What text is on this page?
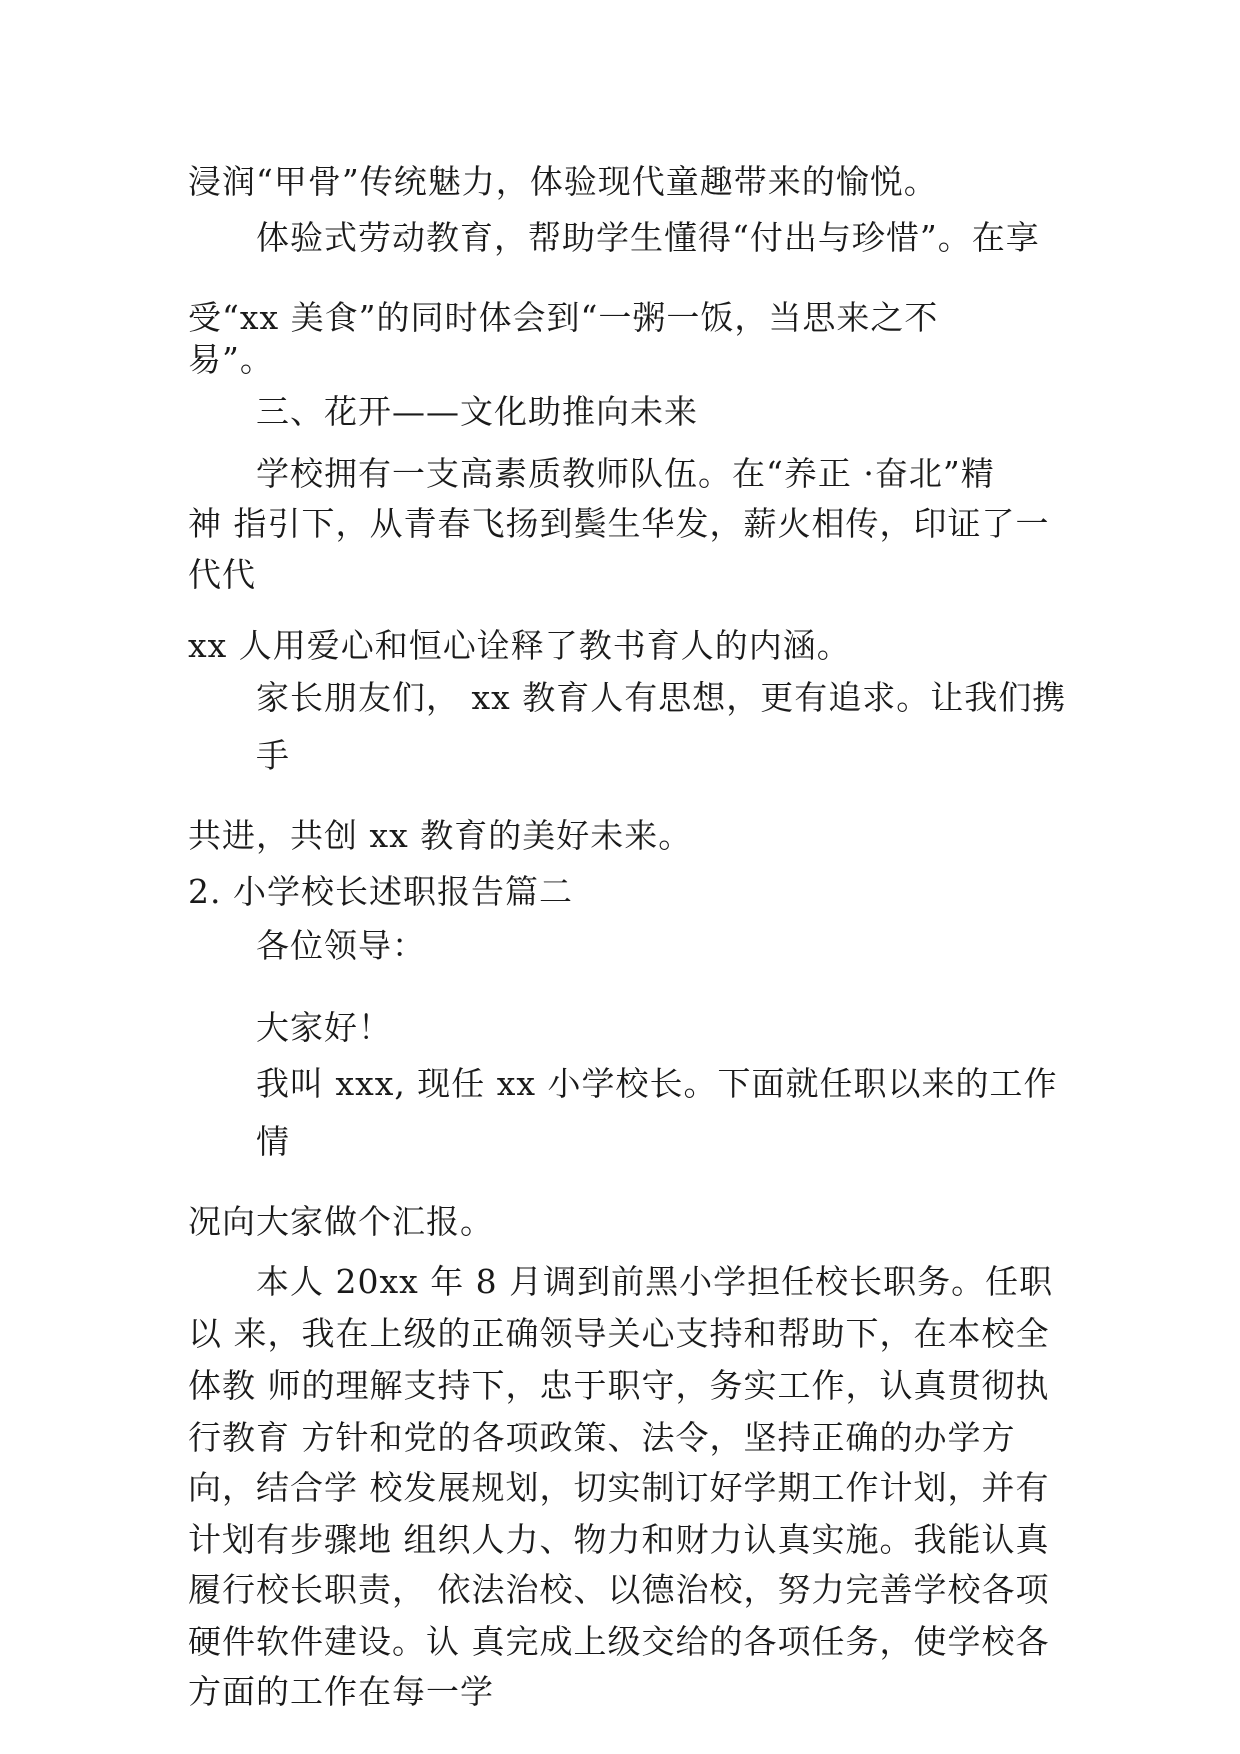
浸润“甲骨”传统魅力，体验现代童趣带来的愉悦。
体验式劳动教育，帮助学生懂得“付出与珍惜”。在享
受“xx 美食”的同时体会到“一粥一饭，当思来之不
易”。
三、花开——文化助推向未来
学校拥有一支高素质教师队伍。在“养正 ·奋北”精
神 指引下，从青春飞扬到鬓生华发，薪火相传，印证了一
代代
xx 人用爱心和恒心诠释了教书育人的内涵。
家长朋友们， xx 教育人有思想，更有追求。让我们携
手
共进，共创 xx 教育的美好未来。
2. 小学校长述职报告篇二
各位领导：
大家好！
我叫 xxx, 现任 xx 小学校长。下面就任职以来的工作
情
况向大家做个汇报。
本人 20xx 年 8 月调到前黑小学担任校长职务。任职
以 来，我在上级的正确领导关心支持和帮助下，在本校全
体教 师的理解支持下，忠于职守，务实工作，认真贯彻执
行教育 方针和党的各项政策、法令，坚持正确的办学方
向，结合学 校发展规划，切实制订好学期工作计划，并有
计划有步骤地 组织人力、物力和财力认真实施。我能认真
履行校长职责， 依法治校、以德治校，努力完善学校各项
硬件软件建设。认 真完成上级交给的各项任务，使学校各
方面的工作在每一学
